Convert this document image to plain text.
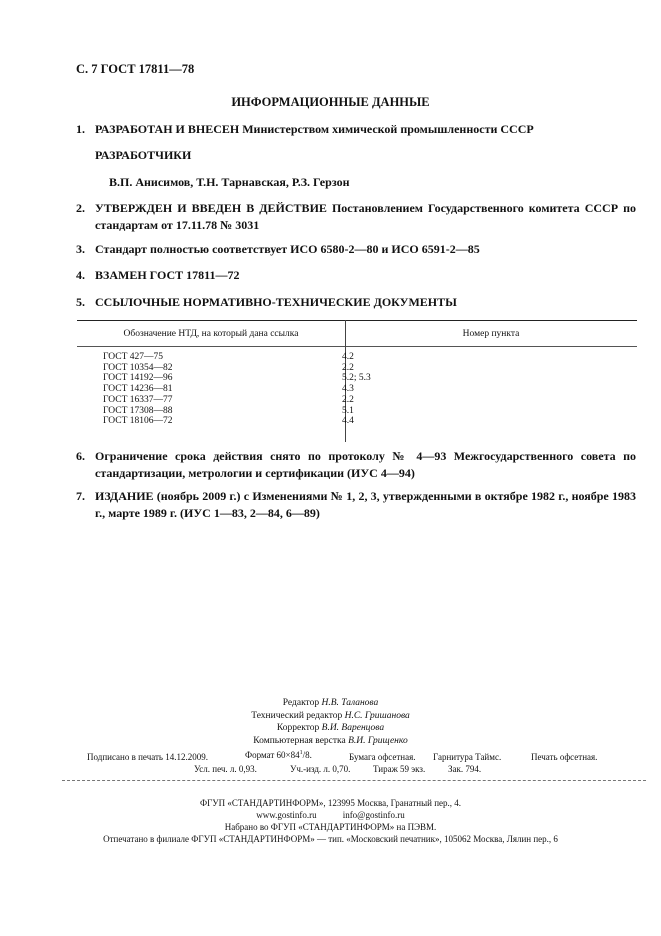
С. 7 ГОСТ 17811—78
ИНФОРМАЦИОННЫЕ ДАННЫЕ
1. РАЗРАБОТАН И ВНЕСЕН Министерством химической промышленности СССР
РАЗРАБОТЧИКИ
В.П. Анисимов, Т.Н. Тарнавская, Р.З. Герзон
2. УТВЕРЖДЕН И ВВЕДЕН В ДЕЙСТВИЕ Постановлением Государственного комитета СССР по стандартам от 17.11.78 № 3031
3. Стандарт полностью соответствует ИСО 6580-2—80 и ИСО 6591-2—85
4. ВЗАМЕН ГОСТ 17811—72
5. ССЫЛОЧНЫЕ НОРМАТИВНО-ТЕХНИЧЕСКИЕ ДОКУМЕНТЫ
Обозначение НТД, на который дана ссылка	Номер пункта
ГОСТ 427—75	4.2
ГОСТ 10354—82	2.2
ГОСТ 14192—96	5.2; 5.3
ГОСТ 14236—81	4.3
ГОСТ 16337—77	2.2
ГОСТ 17308—88	5.1
ГОСТ 18106—72	4.4
6. Ограничение срока действия снято по протоколу № 4—93 Межгосударственного совета по стандартизации, метрологии и сертификации (ИУС 4—94)
7. ИЗДАНИЕ (ноябрь 2009 г.) с Изменениями № 1, 2, 3, утвержденными в октябре 1982 г., ноябре 1983 г., марте 1989 г. (ИУС 1—83, 2—84, 6—89)
Редактор Н.В. Таланова
Технический редактор Н.С. Гришанова
Корректор В.И. Варенцова
Компьютерная верстка В.И. Грищенко
Подписано в печать 14.12.2009.	Формат $60\times 84^1/8$.	Бумага офсетная. Гарнитура Таймс.	Печать офсетная.
Усл. печ. л. 0,93.	Уч.-изд. л. 0,70.	Тираж 59 экз.	Зак. 794.
ФГУП «СТАНДАРТИНФОРМ», 123995 Москва, Гранатный пер., 4.
www.gostinfo.ru	info@gostinfo.ru
Набрано во ФГУП «СТАНДАРТИНФОРМ» на ПЭВМ.
Отпечатано в филиале ФГУП «СТАНДАРТИНФОРМ» — тип. «Московский печатник», 105062 Москва, Лялин пер., 6
